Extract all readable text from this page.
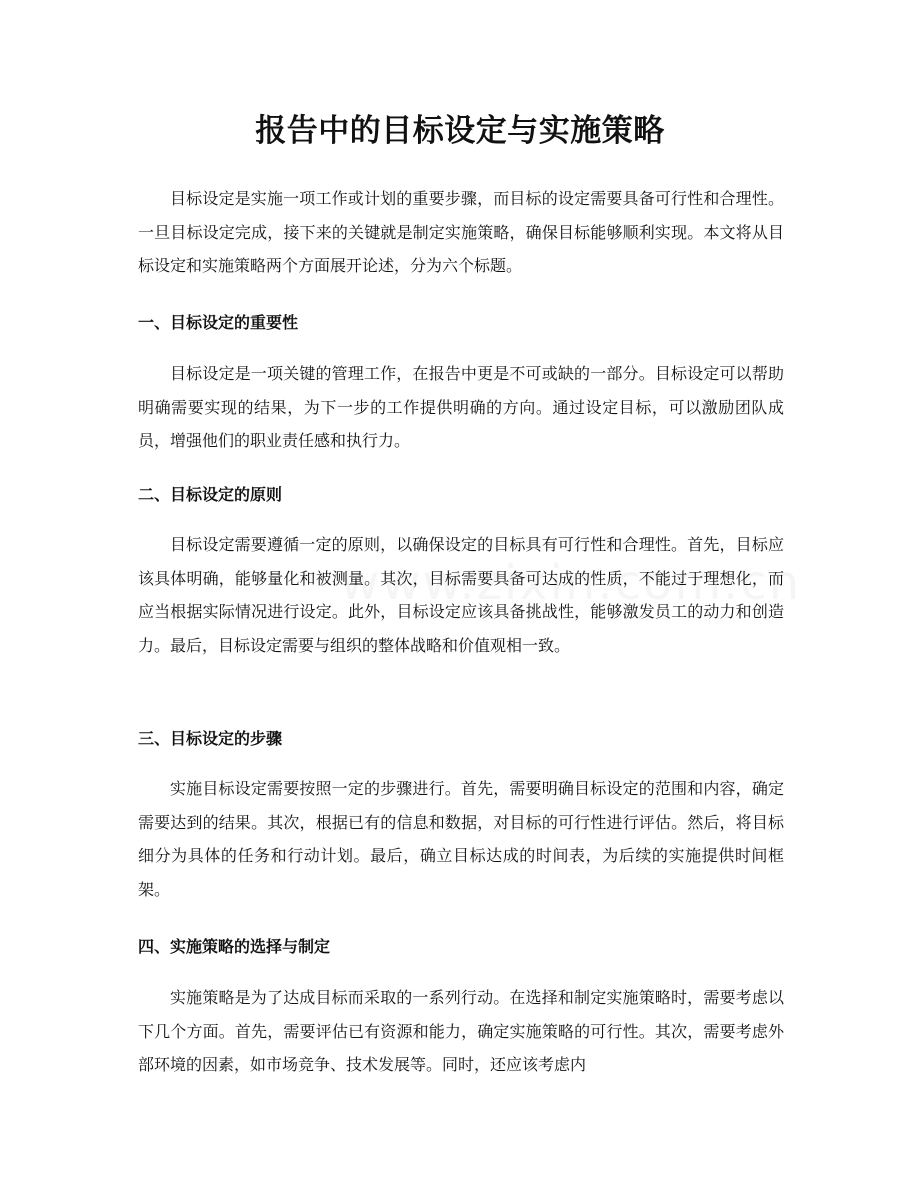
报告中的目标设定与实施策略

目标设定是实施一项工作或计划的重要步骤，而目标的设定需要具备可行性和合理性。一旦目标设定完成，接下来的关键就是制定实施策略，确保目标能够顺利实现。本文将从目标设定和实施策略两个方面展开论述，分为六个标题。

一、目标设定的重要性

目标设定是一项关键的管理工作，在报告中更是不可或缺的一部分。目标设定可以帮助明确需要实现的结果，为下一步的工作提供明确的方向。通过设定目标，可以激励团队成员，增强他们的职业责任感和执行力。

二、目标设定的原则

目标设定需要遵循一定的原则，以确保设定的目标具有可行性和合理性。首先，目标应该具体明确，能够量化和被测量。其次，目标需要具备可达成的性质，不能过于理想化，而应当根据实际情况进行设定。此外，目标设定应该具备挑战性，能够激发员工的动力和创造力。最后，目标设定需要与组织的整体战略和价值观相一致。

三、目标设定的步骤

实施目标设定需要按照一定的步骤进行。首先，需要明确目标设定的范围和内容，确定需要达到的结果。其次，根据已有的信息和数据，对目标的可行性进行评估。然后，将目标细分为具体的任务和行动计划。最后，确立目标达成的时间表，为后续的实施提供时间框架。

四、实施策略的选择与制定

实施策略是为了达成目标而采取的一系列行动。在选择和制定实施策略时，需要考虑以下几个方面。首先，需要评估已有资源和能力，确定实施策略的可行性。其次，需要考虑外部环境的因素，如市场竞争、技术发展等。同时，还应该考虑内
